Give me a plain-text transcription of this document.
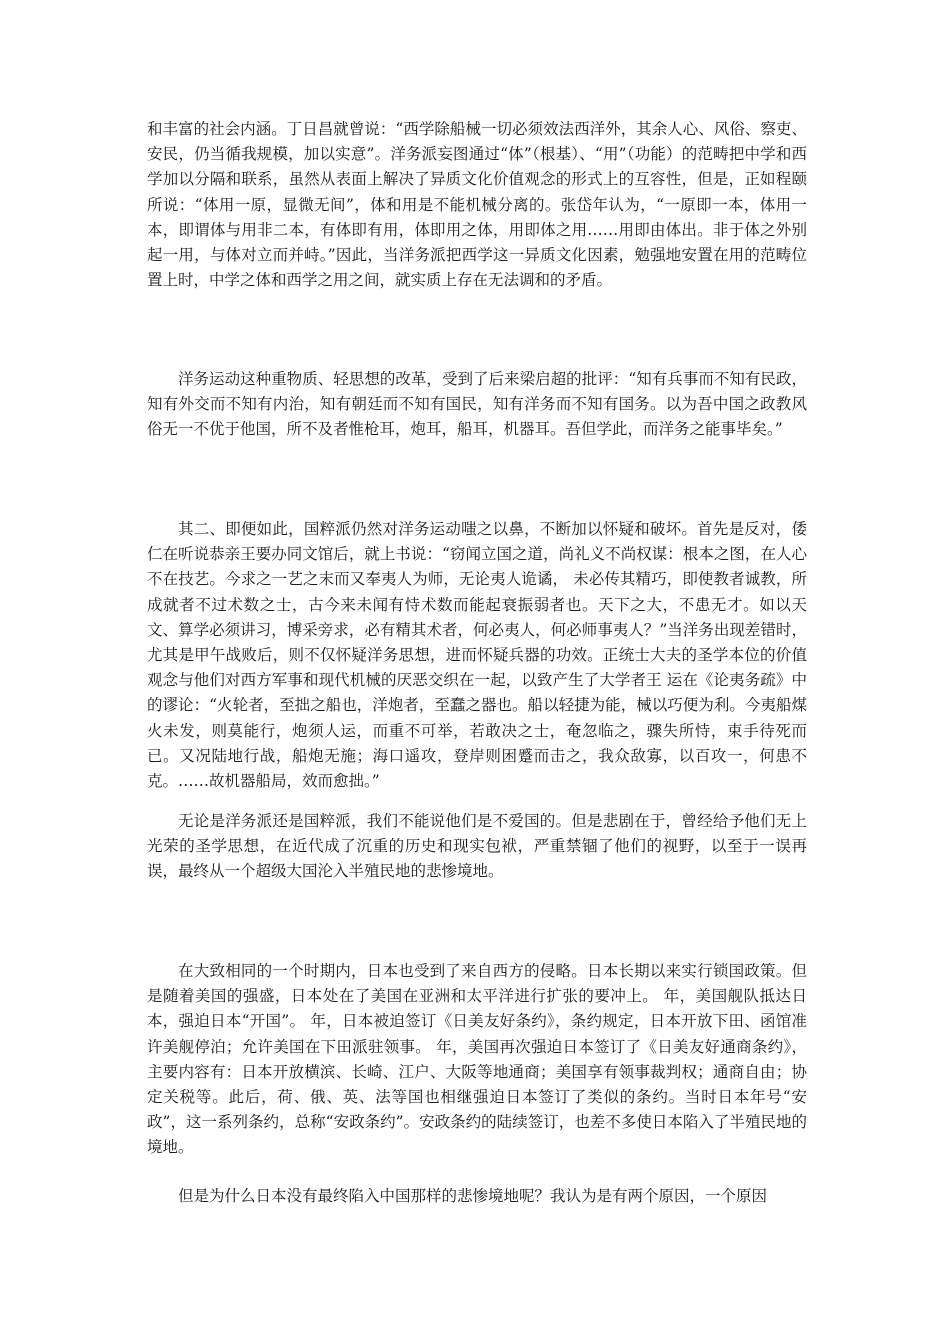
和丰富的社会内涵。丁日昌就曾说：“西学除船械一切必须效法西洋外，其余人心、风俗、察吏、安民，仍当循我规模，加以实意”。洋务派妄图通过“体”（根基）、“用”（功能）的范畴把中学和西学加以分隔和联系，虽然从表面上解决了异质文化价值观念的形式上的互容性，但是，正如程颐所说：“体用一原，显微无间”，体和用是不能机械分离的。张岱年认为，“一原即一本，体用一本，即谓体与用非二本，有体即有用，体即用之体，用即体之用……用即由体出。非于体之外别起一用，与体对立而并峙。”因此，当洋务派把西学这一异质文化因素，勉强地安置在用的范畴位置上时，中学之体和西学之用之间，就实质上存在无法调和的矛盾。

洋务运动这种重物质、轻思想的改革，受到了后来梁启超的批评：“知有兵事而不知有民政，知有外交而不知有内治，知有朝廷而不知有国民，知有洋务而不知有国务。以为吾中国之政教风俗无一不优于他国，所不及者惟枪耳，炮耳，船耳，机器耳。吾但学此，而洋务之能事毕矣。”

其二、即便如此，国粹派仍然对洋务运动嗤之以鼻，不断加以怀疑和破坏。首先是反对，倭仁在听说恭亲王要办同文馆后，就上书说：“窃闻立国之道，尚礼义不尚权谋：根本之图，在人心不在技艺。今求之一艺之末而又奉夷人为师，无论夷人诡谲， 未必传其精巧，即使教者诚教，所成就者不过术数之士，古今来未闻有恃术数而能起衰振弱者也。天下之大，不患无才。如以天文、算学必须讲习，博采旁求，必有精其术者，何必夷人，何必师事夷人？”当洋务出现差错时，尤其是甲午战败后，则不仅怀疑洋务思想，进而怀疑兵器的功效。正统士大夫的圣学本位的价值观念与他们对西方军事和现代机械的厌恶交织在一起，以致产生了大学者王 运在《论夷务疏》中的谬论：“火轮者，至拙之船也，洋炮者，至蠢之器也。船以轻捷为能，械以巧便为利。今夷船煤火未发，则莫能行，炮须人运，而重不可举，若敢决之士，奄忽临之，骤失所恃，束手待死而已。又况陆地行战，船炮无施；海口遥攻，登岸则困蹙而击之，我众敌寡，以百攻一，何患不克。……故机器船局，效而愈拙。”

无论是洋务派还是国粹派，我们不能说他们是不爱国的。但是悲剧在于，曾经给予他们无上光荣的圣学思想，在近代成了沉重的历史和现实包袱，严重禁锢了他们的视野，以至于一误再误，最终从一个超级大国沦入半殖民地的悲惨境地。

在大致相同的一个时期内，日本也受到了来自西方的侵略。日本长期以来实行锁国政策。但是随着美国的强盛，日本处在了美国在亚洲和太平洋进行扩张的要冲上。 年，美国舰队抵达日本，强迫日本“开国”。 年，日本被迫签订《日美友好条约》，条约规定，日本开放下田、函馆准许美舰停泊；允许美国在下田派驻领事。 年，美国再次强迫日本签订了《日美友好通商条约》，主要内容有：日本开放横滨、长崎、江户、大阪等地通商；美国享有领事裁判权；通商自由；协定关税等。此后，荷、俄、英、法等国也相继强迫日本签订了类似的条约。当时日本年号“安政”，这一系列条约，总称“安政条约”。安政条约的陆续签订，也差不多使日本陷入了半殖民地的境地。

但是为什么日本没有最终陷入中国那样的悲惨境地呢？我认为是有两个原因，一个原因
